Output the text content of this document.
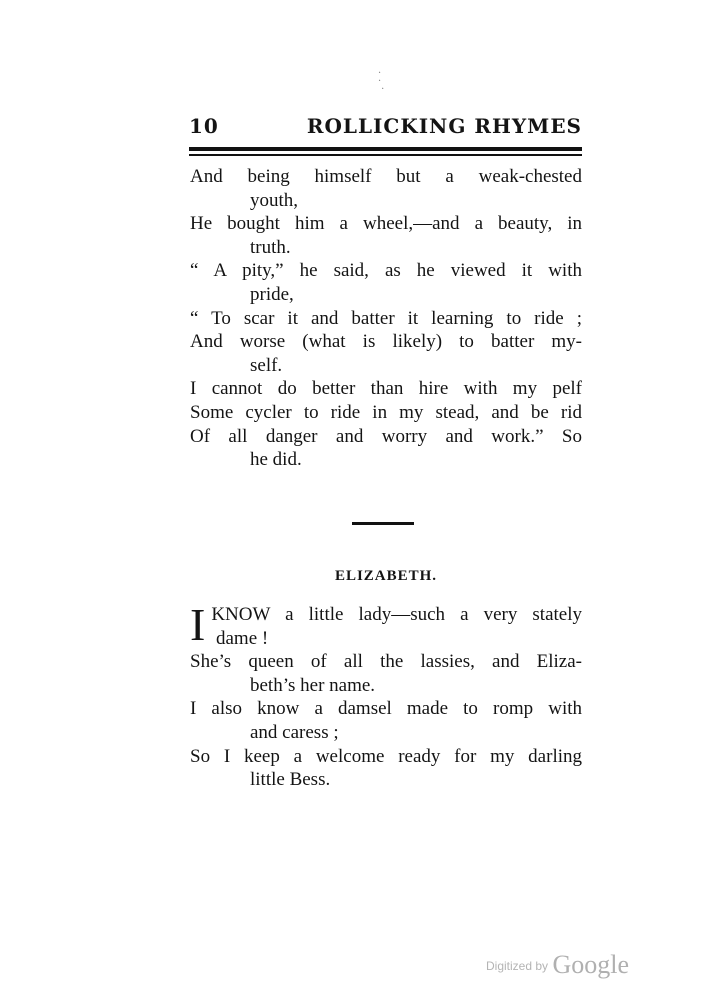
·
·
·
10	ROLLICKING RHYMES
And being himself but a weak-chested
youth,
He bought him a wheel,—and a beauty, in
truth.
“ A pity,” he said, as he viewed it with
pride,
“ To scar it and batter it learning to ride ;
And worse (what is likely) to batter my-
self.
I cannot do better than hire with my pelf
Some cycler to ride in my stead, and be rid
Of all danger and worry and work.” So
he did.
ELIZABETH.
I KNOW a little lady—such a very stately
dame !
She’s queen of all the lassies, and Eliza-
beth’s her name.
I also know a damsel made to romp with
and caress ;
So I keep a welcome ready for my darling
little Bess.
Digitized by Google
